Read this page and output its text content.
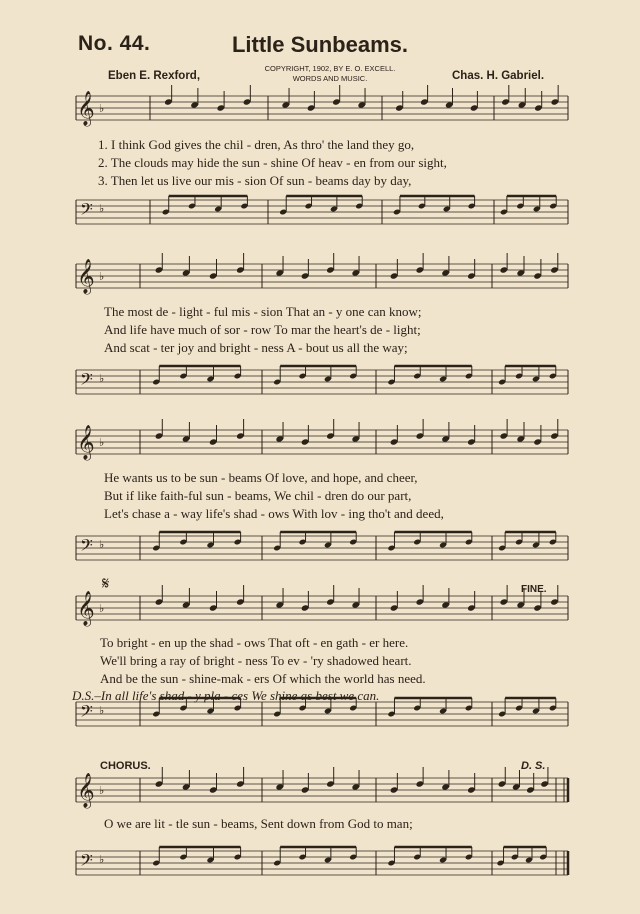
No. 44.	Little Sunbeams.
COPYRIGHT, 1902, BY E. O. EXCELL.
WORDS AND MUSIC.
Eben E. Rexford,	Chas. H. Gabriel.
𝄞
𝄢
♭
♭
𝄞
𝄢
♭
♭
𝄞
𝄢
♭
♭
𝄞
𝄢
♭
♭
𝄞
𝄢
♭
♭
1. I think God gives the chil - dren, As thro' the land they go,
2. The clouds may hide the sun - shine Of heav - en from our sight,
3. Then let us live our mis - sion Of sun - beams day by day,
The most de - light - ful mis - sion That an - y one can know;
And life have much of sor - row To mar the heart's de - light;
And scat - ter joy and bright - ness A - bout us all the way;
He wants us to be sun - beams Of love, and hope, and cheer,
But if like faith-ful sun - beams, We chil - dren do our part,
Let's chase a - way life's shad - ows With lov - ing tho't and deed,
𝄋	FINE.
To bright - en up the shad - ows That oft - en gath - er here.
We'll bring a ray of bright - ness To ev - 'ry shadowed heart.
And be the sun - shine-mak - ers Of which the world has need.
D.S.–In all life's shad - y pla - ces We shine as best we can.
CHORUS.	D. S.
O we are lit - tle sun - beams, Sent down from God to man;
